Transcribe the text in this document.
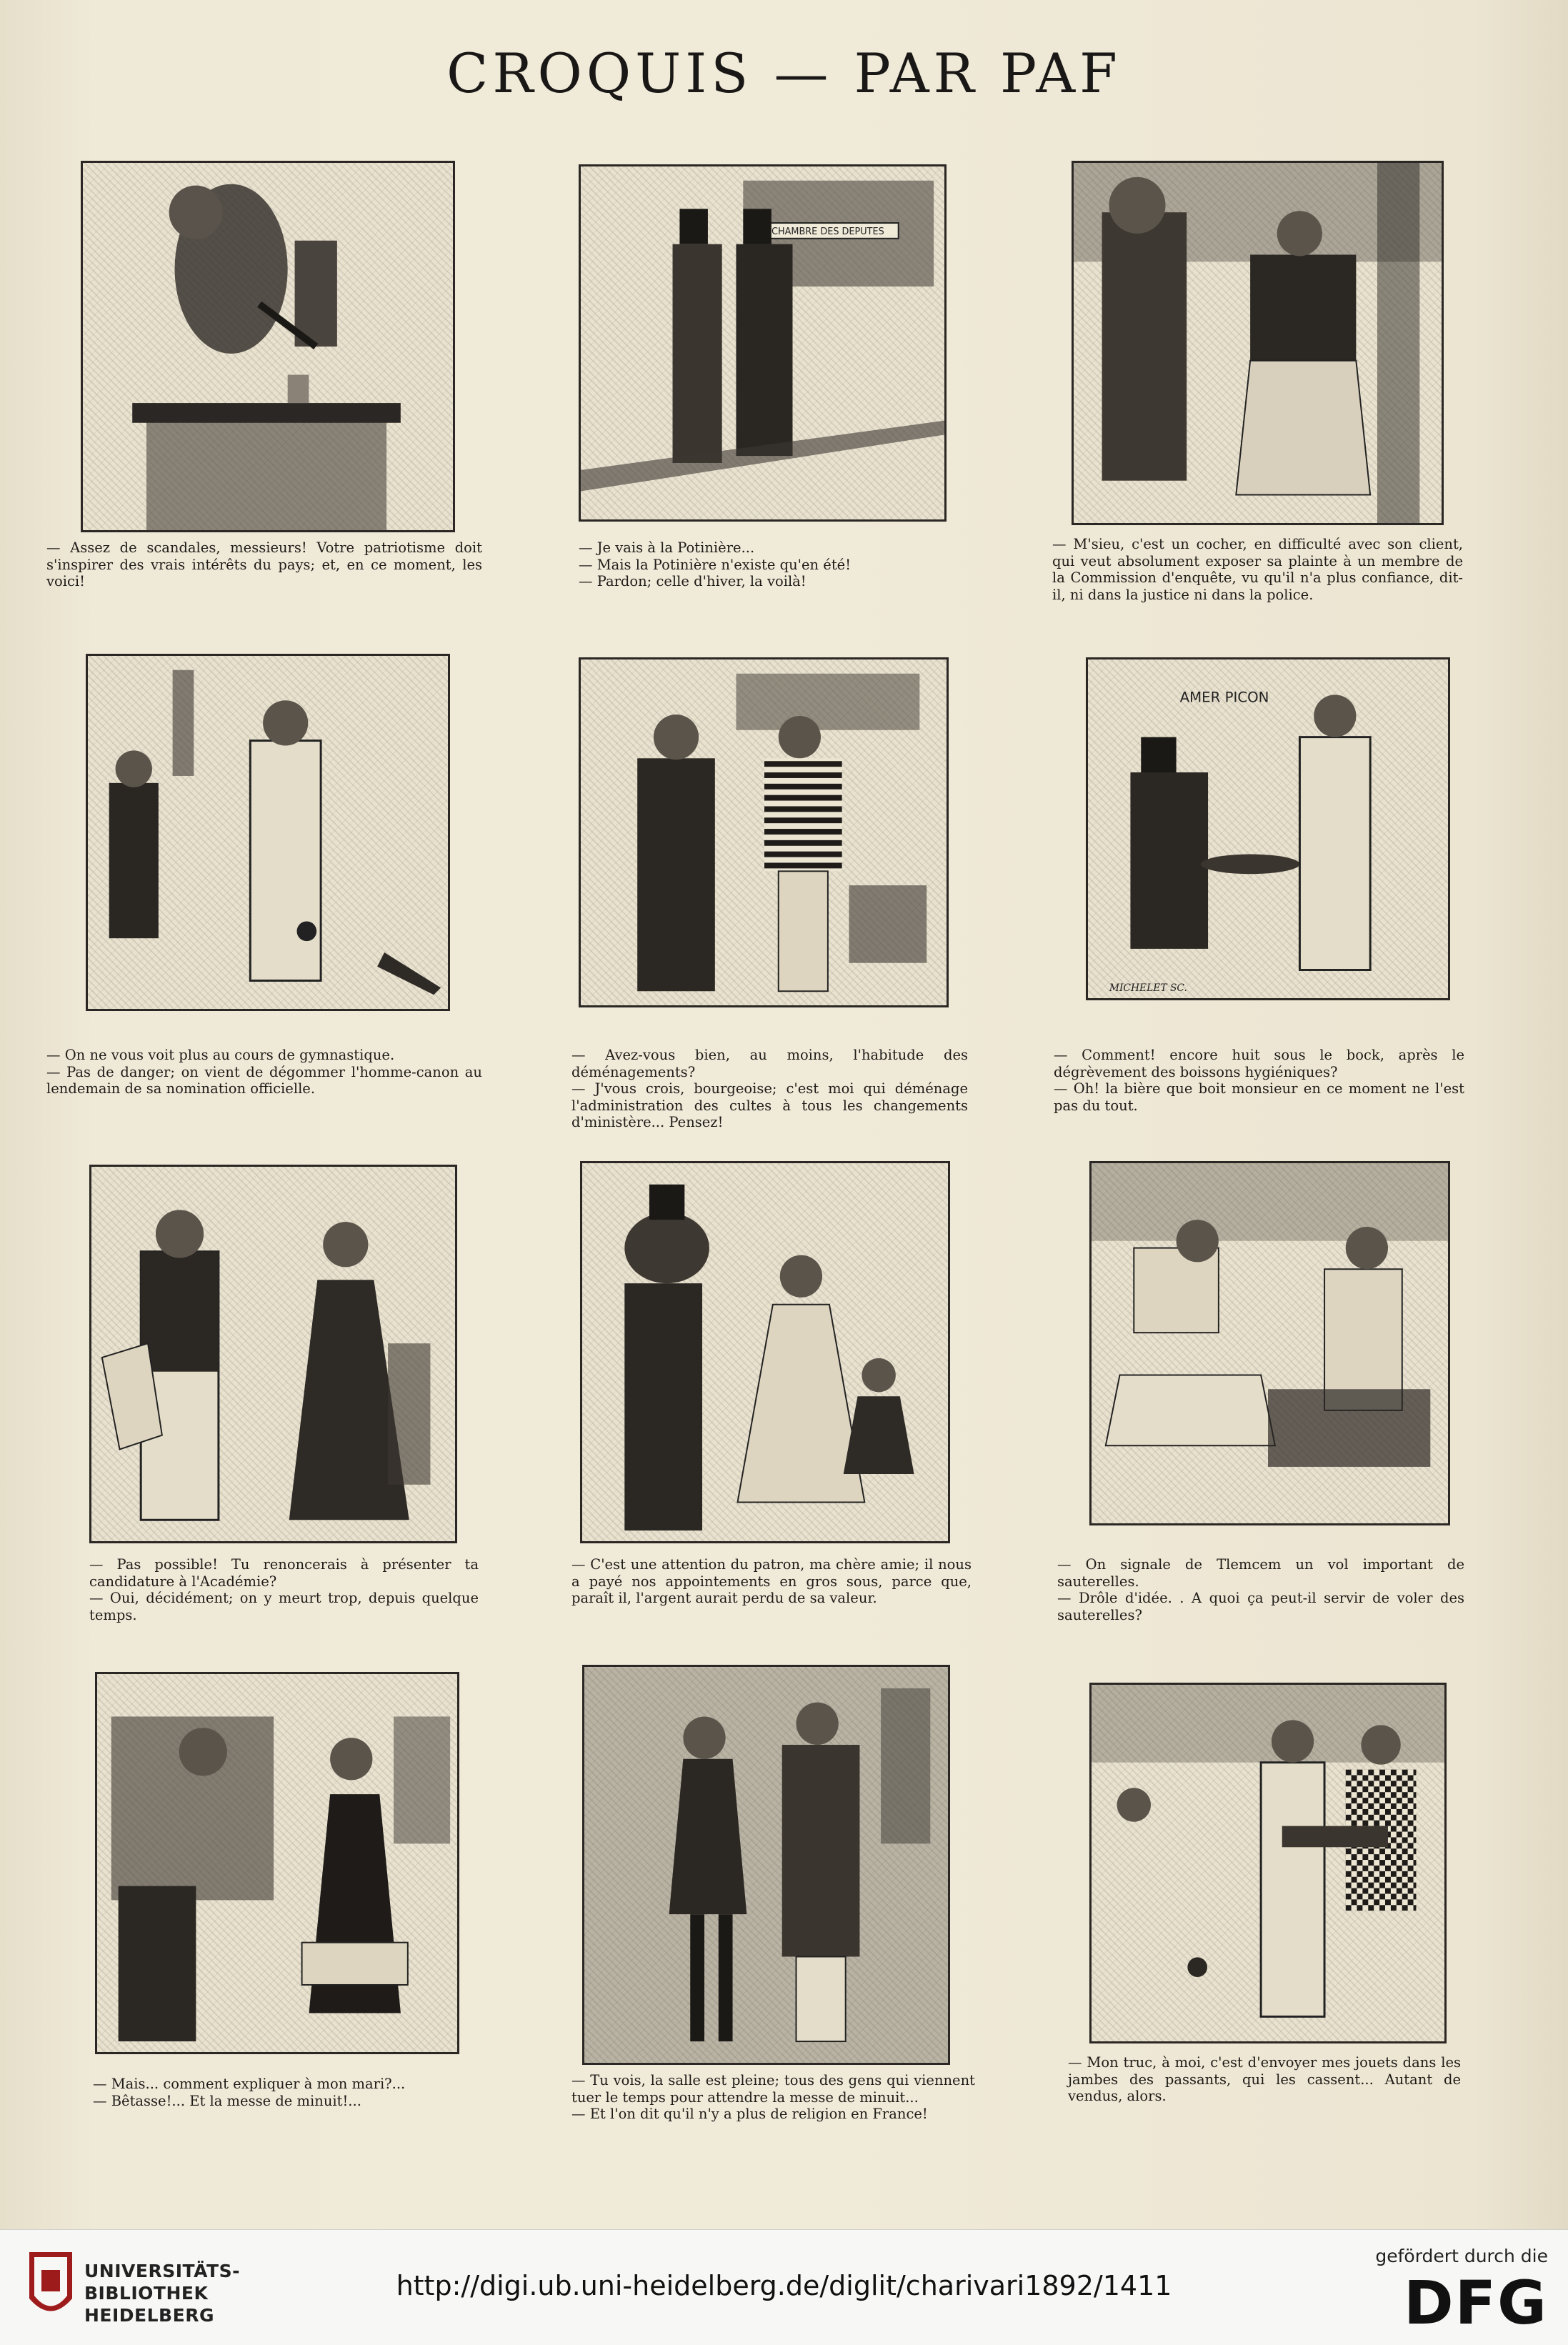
CROQUIS — PAR PAF
CHAMBRE DES DEPUTES

— Assez de scandales, messieurs! Votre patriotisme doit s'inspirer des vrais intérêts du pays; et, en ce moment, les voici!

— Je vais à la Potinière...

— Mais la Potinière n'existe qu'en été!

— Pardon; celle d'hiver, la voilà!

— M'sieu, c'est un cocher, en difficulté avec son client, qui veut absolument exposer sa plainte à un membre de la Commission d'enquête, vu qu'il n'a plus confiance, dit-il, ni dans la justice ni dans la police.

AMER PICON
MICHELET SC.

— On ne vous voit plus au cours de gymnastique.

— Pas de danger; on vient de dégommer l'homme-canon au lendemain de sa nomination officielle.

— Avez-vous bien, au moins, l'habitude des déménagements?

— J'vous crois, bourgeoise; c'est moi qui déménage l'administration des cultes à tous les changements d'ministère... Pensez!

— Comment! encore huit sous le bock, après le dégrèvement des boissons hygiéniques?

— Oh! la bière que boit monsieur en ce moment ne l'est pas du tout.

— Pas possible! Tu renoncerais à présenter ta candidature à l'Académie?

— Oui, décidément; on y meurt trop, depuis quelque temps.

— C'est une attention du patron, ma chère amie; il nous a payé nos appointements en gros sous, parce que, paraît il, l'argent aurait perdu de sa valeur.

— On signale de Tlemcem un vol important de sauterelles.

— Drôle d'idée. . A quoi ça peut-il servir de voler des sauterelles?

— Mais... comment expliquer à mon mari?...

— Bêtasse!... Et la messe de minuit!...

— Tu vois, la salle est pleine; tous des gens qui viennent tuer le temps pour attendre la messe de minuit...

— Et l'on dit qu'il n'y a plus de religion en France!

— Mon truc, à moi, c'est d'envoyer mes jouets dans les jambes des passants, qui les cassent... Autant de vendus, alors.

UNIVERSITÄTS-
BIBLIOTHEK
HEIDELBERG
http://digi.ub.uni-heidelberg.de/diglit/charivari1892/1411
gefördert durch die
DFG
